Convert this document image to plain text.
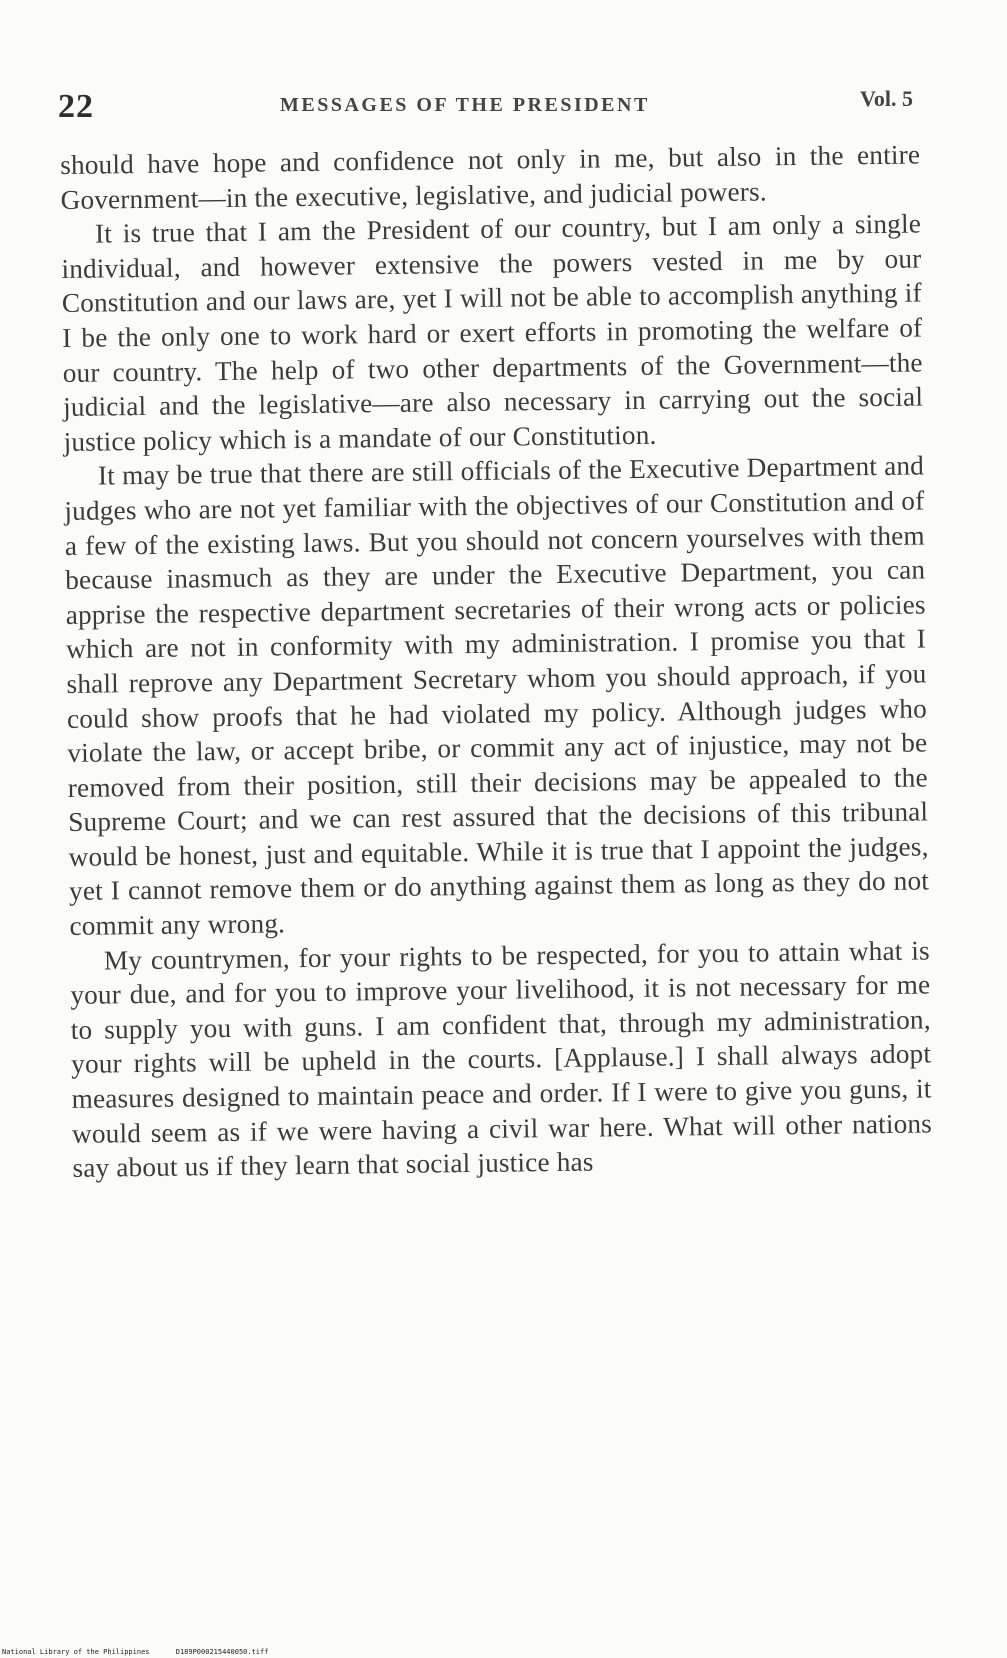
22	MESSAGES OF THE PRESIDENT	Vol. 5

should have hope and confidence not only in me, but also in the entire Government—in the executive, legislative, and judicial powers.

It is true that I am the President of our country, but I am only a single individual, and however extensive the powers vested in me by our Constitution and our laws are, yet I will not be able to accomplish anything if I be the only one to work hard or exert efforts in promoting the welfare of our country. The help of two other departments of the Government—the judicial and the legislative—are also necessary in carrying out the social justice policy which is a mandate of our Constitution.

It may be true that there are still officials of the Executive Department and judges who are not yet familiar with the objectives of our Constitution and of a few of the existing laws. But you should not concern yourselves with them because inasmuch as they are under the Executive Department, you can apprise the respective department secretaries of their wrong acts or policies which are not in conformity with my administration. I promise you that I shall reprove any Department Secretary whom you should approach, if you could show proofs that he had violated my policy. Although judges who violate the law, or accept bribe, or commit any act of injustice, may not be removed from their position, still their decisions may be appealed to the Supreme Court; and we can rest assured that the decisions of this tribunal would be honest, just and equitable. While it is true that I appoint the judges, yet I cannot remove them or do anything against them as long as they do not commit any wrong.

My countrymen, for your rights to be respected, for you to attain what is your due, and for you to improve your livelihood, it is not necessary for me to supply you with guns. I am confident that, through my administration, your rights will be upheld in the courts. [Applause.] I shall always adopt measures designed to maintain peace and order. If I were to give you guns, it would seem as if we were having a civil war here. What will other nations say about us if they learn that social justice has

National Library of the Philippines	D189P000215440050.tiff
